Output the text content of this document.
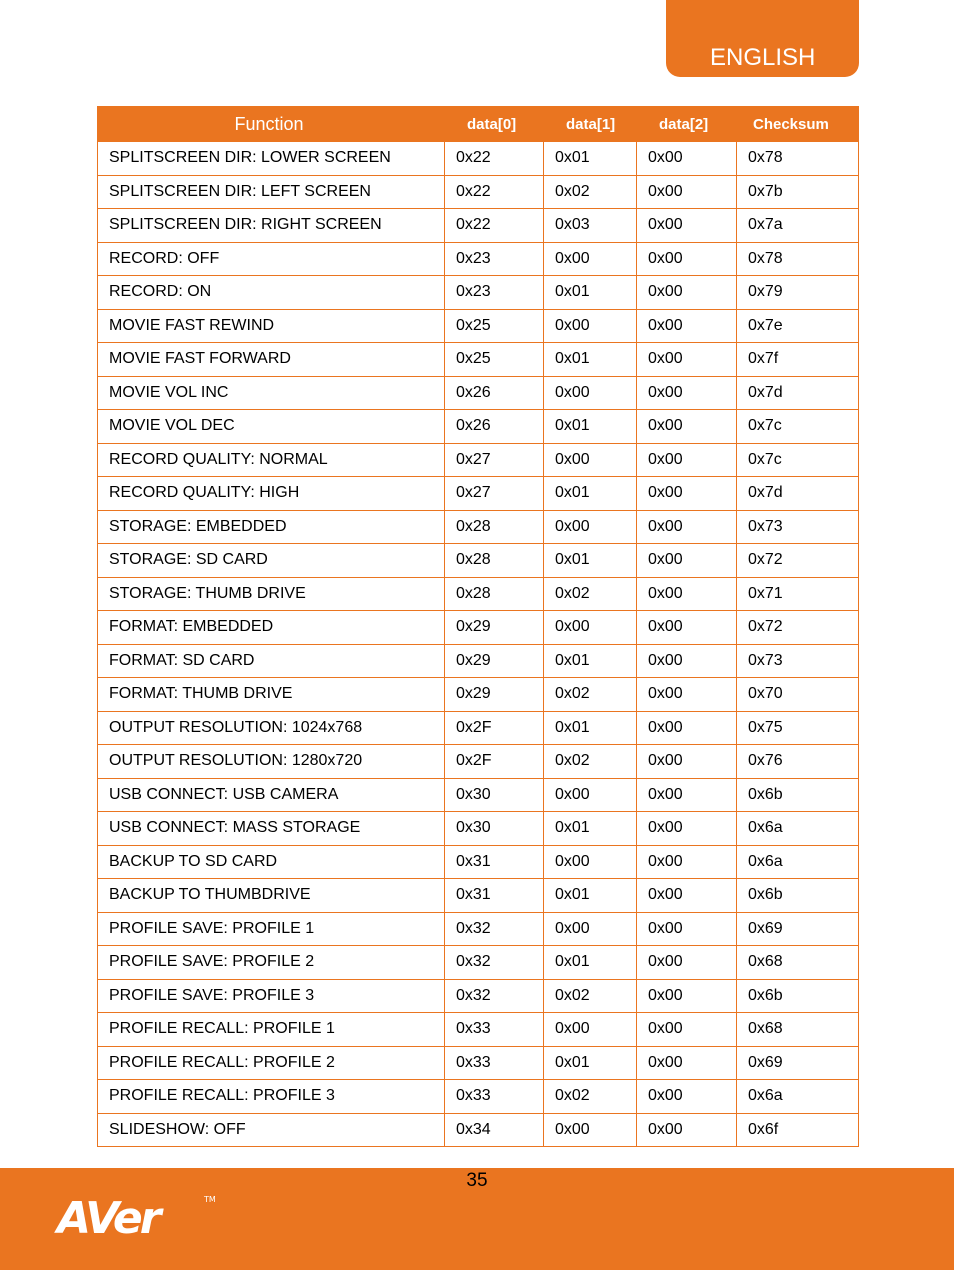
ENGLISH
Function	data[0]	data[1]	data[2]	Checksum
SPLITSCREEN DIR: LOWER SCREEN	0x22	0x01	0x00	0x78
SPLITSCREEN DIR: LEFT SCREEN	0x22	0x02	0x00	0x7b
SPLITSCREEN DIR: RIGHT SCREEN	0x22	0x03	0x00	0x7a
RECORD: OFF	0x23	0x00	0x00	0x78
RECORD: ON	0x23	0x01	0x00	0x79
MOVIE FAST REWIND	0x25	0x00	0x00	0x7e
MOVIE FAST FORWARD	0x25	0x01	0x00	0x7f
MOVIE VOL INC	0x26	0x00	0x00	0x7d
MOVIE VOL DEC	0x26	0x01	0x00	0x7c
RECORD QUALITY: NORMAL	0x27	0x00	0x00	0x7c
RECORD QUALITY: HIGH	0x27	0x01	0x00	0x7d
STORAGE: EMBEDDED	0x28	0x00	0x00	0x73
STORAGE: SD CARD	0x28	0x01	0x00	0x72
STORAGE: THUMB DRIVE	0x28	0x02	0x00	0x71
FORMAT: EMBEDDED	0x29	0x00	0x00	0x72
FORMAT: SD CARD	0x29	0x01	0x00	0x73
FORMAT: THUMB DRIVE	0x29	0x02	0x00	0x70
OUTPUT RESOLUTION: 1024x768	0x2F	0x01	0x00	0x75
OUTPUT RESOLUTION: 1280x720	0x2F	0x02	0x00	0x76
USB CONNECT: USB CAMERA	0x30	0x00	0x00	0x6b
USB CONNECT: MASS STORAGE	0x30	0x01	0x00	0x6a
BACKUP TO SD CARD	0x31	0x00	0x00	0x6a
BACKUP TO THUMBDRIVE	0x31	0x01	0x00	0x6b
PROFILE SAVE: PROFILE 1	0x32	0x00	0x00	0x69
PROFILE SAVE: PROFILE 2	0x32	0x01	0x00	0x68
PROFILE SAVE: PROFILE 3	0x32	0x02	0x00	0x6b
PROFILE RECALL: PROFILE 1	0x33	0x00	0x00	0x68
PROFILE RECALL: PROFILE 2	0x33	0x01	0x00	0x69
PROFILE RECALL: PROFILE 3	0x33	0x02	0x00	0x6a
SLIDESHOW: OFF	0x34	0x00	0x00	0x6f
35
AVer	TM
